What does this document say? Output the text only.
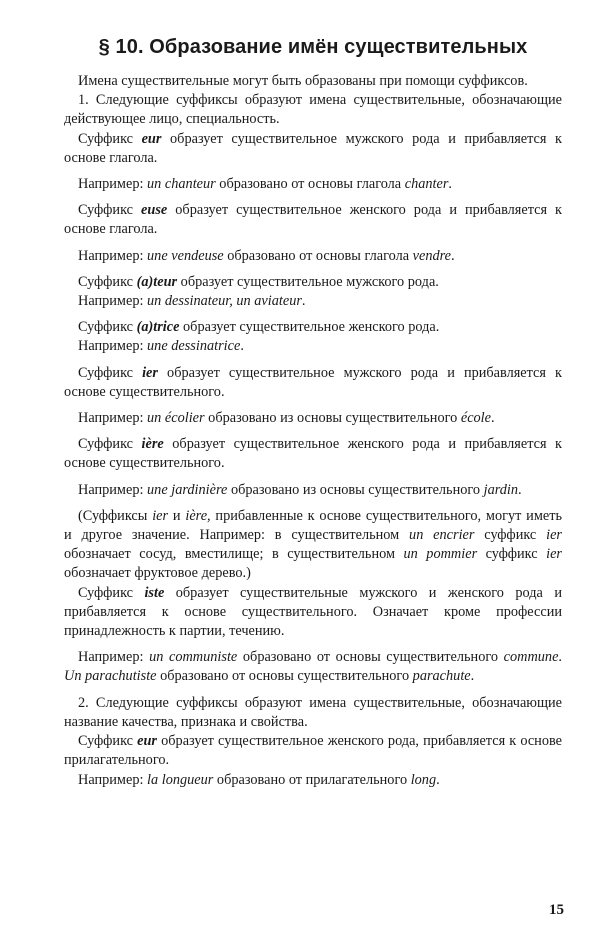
§ 10. Образование имён существительных

Имена существительные могут быть образованы при помощи суффиксов.

1. Следующие суффиксы образуют имена существительные, обозначающие действующее лицо, специальность.

Суффикс eur образует существительное мужского рода и прибавляется к основе глагола.

Например: un chanteur образовано от основы глагола chanter.

Суффикс euse образует существительное женского рода и прибавляется к основе глагола.

Например: une vendeuse образовано от основы глагола vendre.

Суффикс (a)teur образует существительное мужского рода.

Например: un dessinateur, un aviateur.

Суффикс (a)trice образует существительное женского рода.

Например: une dessinatrice.

Суффикс ier образует существительное мужского рода и прибавляется к основе существительного.

Например: un écolier образовано из основы существительного école.

Суффикс ière образует существительное женского рода и прибавляется к основе существительного.

Например: une jardinière образовано из основы существительного jardin.

(Суффиксы ier и ière, прибавленные к основе существительного, могут иметь и другое значение. Например: в существительном un encrier суффикс ier обозначает сосуд, вместилище; в существительном un pommier суффикс ier обозначает фруктовое дерево.)

Суффикс iste образует существительные мужского и женского рода и прибавляется к основе существительного. Означает кроме профессии принадлежность к партии, течению.

Например: un communiste образовано от основы существительного commune. Un parachutiste образовано от основы существительного parachute.

2. Следующие суффиксы образуют имена существительные, обозначающие название качества, признака и свойства.

Суффикс eur образует существительное женского рода, прибавляется к основе прилагательного.

Например: la longueur образовано от прилагательного long.

15
